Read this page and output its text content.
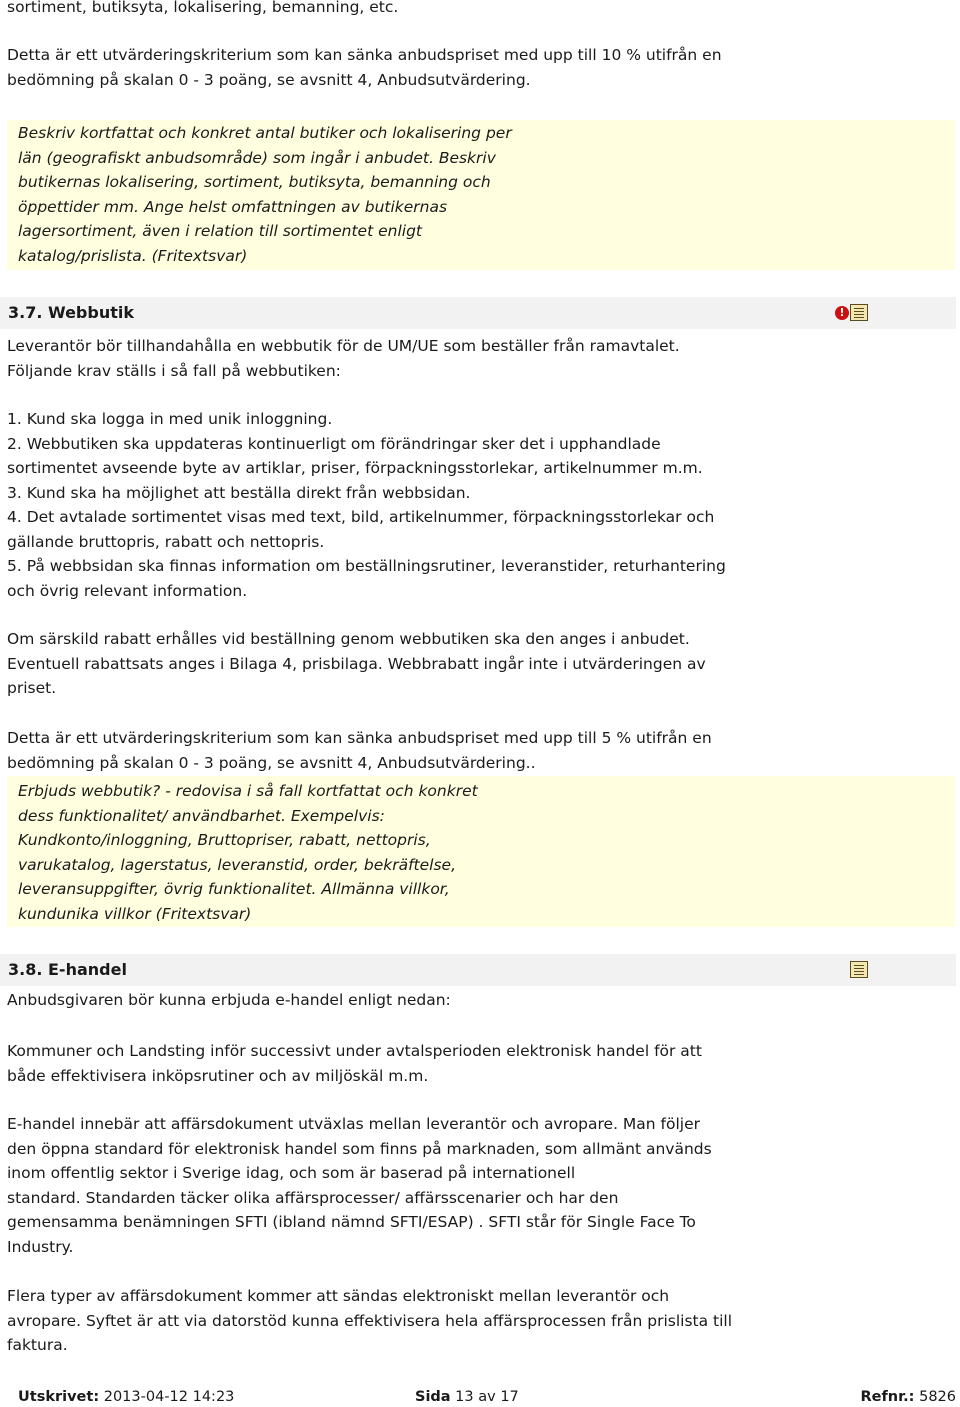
sortiment, butiksyta, lokalisering, bemanning, etc.
Detta är ett utvärderingskriterium som kan sänka anbudspriset med upp till 10 % utifrån en
bedömning på skalan 0 - 3 poäng, se avsnitt 4, Anbudsutvärdering.
Beskriv kortfattat och konkret antal butiker och lokalisering per
län (geografiskt anbudsområde) som ingår i anbudet. Beskriv
butikernas lokalisering, sortiment, butiksyta, bemanning och
öppettider mm. Ange helst omfattningen av butikernas
lagersortiment, även i relation till sortimentet enligt
katalog/prislista. (Fritextsvar)
3.7. Webbutik	!
Leverantör bör tillhandahålla en webbutik för de UM/UE som beställer från ramavtalet.
Följande krav ställs i så fall på webbutiken:
1. Kund ska logga in med unik inloggning.
2. Webbutiken ska uppdateras kontinuerligt om förändringar sker det i upphandlade
sortimentet avseende byte av artiklar, priser, förpackningsstorlekar, artikelnummer m.m.
3. Kund ska ha möjlighet att beställa direkt från webbsidan.
4. Det avtalade sortimentet visas med text, bild, artikelnummer, förpackningsstorlekar och
gällande bruttopris, rabatt och nettopris.
5. På webbsidan ska finnas information om beställningsrutiner, leveranstider, returhantering
och övrig relevant information.
Om särskild rabatt erhålles vid beställning genom webbutiken ska den anges i anbudet.
Eventuell rabattsats anges i Bilaga 4, prisbilaga. Webbrabatt ingår inte i utvärderingen av
priset.
Detta är ett utvärderingskriterium som kan sänka anbudspriset med upp till 5 % utifrån en
bedömning på skalan 0 - 3 poäng, se avsnitt 4, Anbudsutvärdering..
Erbjuds webbutik? - redovisa i så fall kortfattat och konkret
dess funktionalitet/ användbarhet. Exempelvis:
Kundkonto/inloggning, Bruttopriser, rabatt, nettopris,
varukatalog, lagerstatus, leveranstid, order, bekräftelse,
leveransuppgifter, övrig funktionalitet. Allmänna villkor,
kundunika villkor (Fritextsvar)
3.8. E-handel
Anbudsgivaren bör kunna erbjuda e-handel enligt nedan:
Kommuner och Landsting inför successivt under avtalsperioden elektronisk handel för att
både effektivisera inköpsrutiner och av miljöskäl m.m.
E-handel innebär att affärsdokument utväxlas mellan leverantör och avropare. Man följer
den öppna standard för elektronisk handel som finns på marknaden, som allmänt används
inom offentlig sektor i Sverige idag, och som är baserad på internationell
standard. Standarden täcker olika affärsprocesser/ affärsscenarier och har den
gemensamma benämningen SFTI (ibland nämnd SFTI/ESAP) . SFTI står för Single Face To
Industry.
Flera typer av affärsdokument kommer att sändas elektroniskt mellan leverantör och
avropare. Syftet är att via datorstöd kunna effektivisera hela affärsprocessen från prislista till
faktura.
Utskrivet: 2013-04-12 14:23	Sida 13 av 17	Refnr.: 5826
